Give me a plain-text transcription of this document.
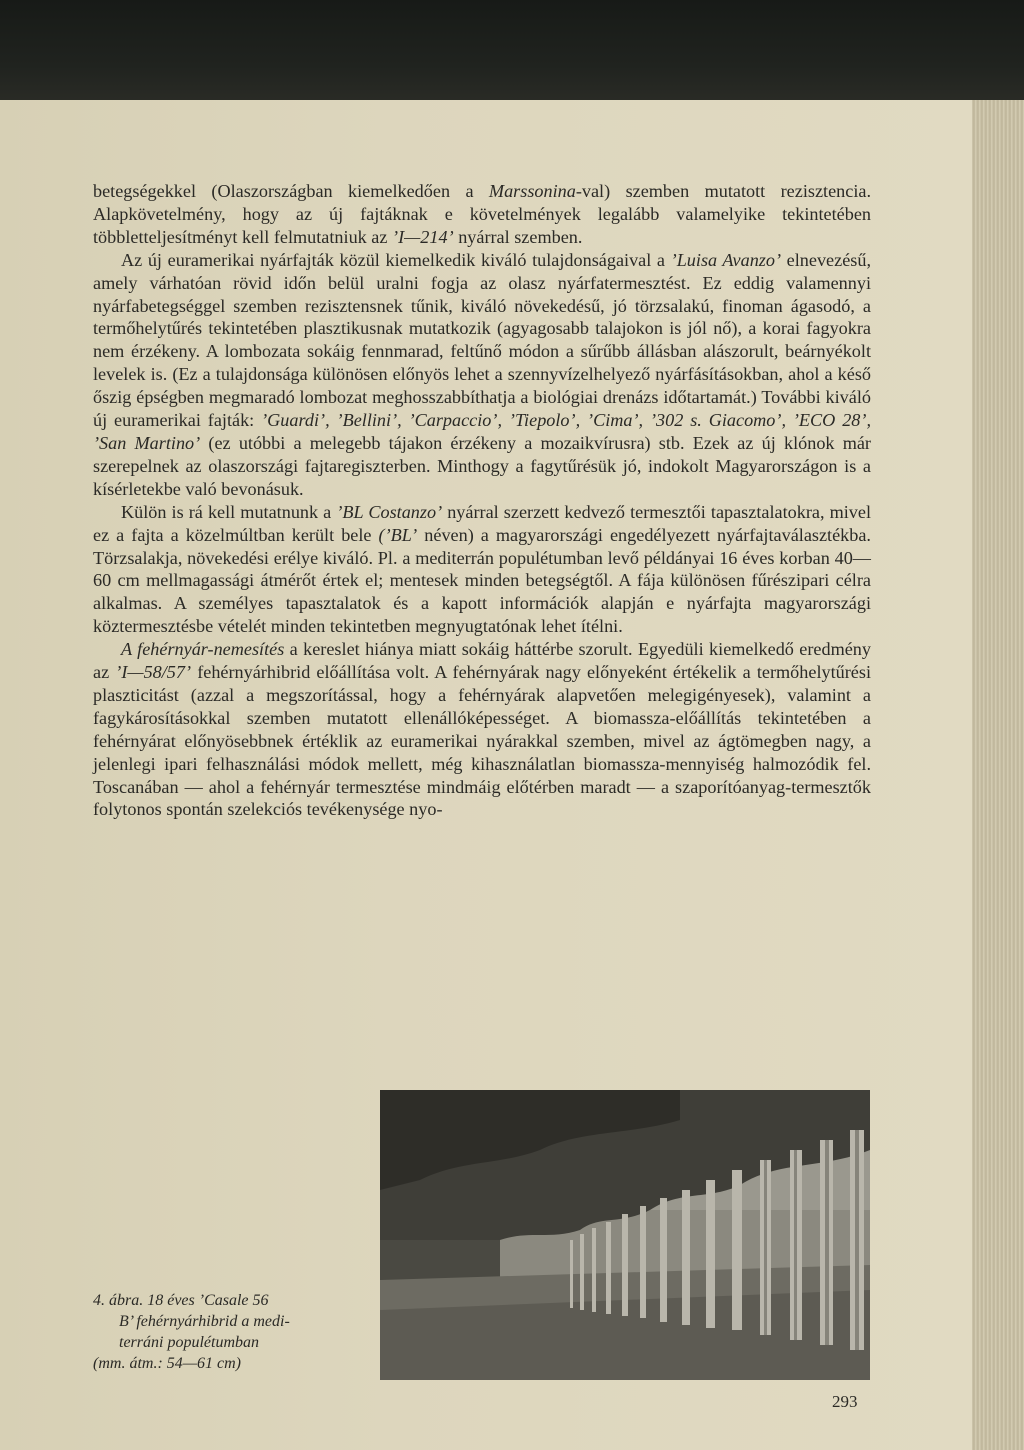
betegségekkel (Olaszországban kiemelkedően a Marssonina-val) szemben mutatott rezisztencia. Alapkövetelmény, hogy az új fajtáknak e követelmények legalább valamelyike tekintetében többletteljesítményt kell felmutatniuk az ’I—214’ nyárral szemben.

Az új euramerikai nyárfajták közül kiemelkedik kiváló tulajdonságaival a ’Luisa Avanzo’ elnevezésű, amely várhatóan rövid időn belül uralni fogja az olasz nyárfatermesztést. Ez eddig valamennyi nyárfabetegséggel szemben rezisztensnek tűnik, kiváló növekedésű, jó törzsalakú, finoman ágasodó, a termőhelytűrés tekintetében plasztikusnak mutatkozik (agyagosabb talajokon is jól nő), a korai fagyokra nem érzékeny. A lombozata sokáig fennmarad, feltűnő módon a sűrűbb állásban alászorult, beárnyékolt levelek is. (Ez a tulajdonsága különösen előnyös lehet a szennyvízelhelyező nyárfásításokban, ahol a késő őszig épségben megmaradó lombozat meghosszabbíthatja a biológiai drenázs időtartamát.) További kiváló új euramerikai fajták: ’Guardi’, ’Bellini’, ’Carpaccio’, ’Tiepolo’, ’Cima’, ’302 s. Giacomo’, ’ECO 28’, ’San Martino’ (ez utóbbi a melegebb tájakon érzékeny a mozaikvírusra) stb. Ezek az új klónok már szerepelnek az olaszországi fajtaregiszterben. Minthogy a fagytűrésük jó, indokolt Magyarországon is a kísérletekbe való bevonásuk.

Külön is rá kell mutatnunk a ’BL Costanzo’ nyárral szerzett kedvező termesztői tapasztalatokra, mivel ez a fajta a közelmúltban került bele (’BL’ néven) a magyarországi engedélyezett nyárfajtaválasztékba. Törzsalakja, növekedési erélye kiváló. Pl. a mediterrán populétumban levő példányai 16 éves korban 40—60 cm mellmagassági átmérőt értek el; mentesek minden betegségtől. A fája különösen fűrészipari célra alkalmas. A személyes tapasztalatok és a kapott információk alapján e nyárfajta magyarországi köztermesztésbe vételét minden tekintetben megnyugtatónak lehet ítélni.

A fehérnyár-nemesítés a kereslet hiánya miatt sokáig háttérbe szorult. Egyedüli kiemelkedő eredmény az ’I—58/57’ fehérnyárhibrid előállítása volt. A fehérnyárak nagy előnyeként értékelik a termőhelytűrési plaszticitást (azzal a megszorítással, hogy a fehérnyárak alapvetően melegigényesek), valamint a fagykárosításokkal szemben mutatott ellenállóképességet. A biomassza-előállítás tekintetében a fehérnyárat előnyösebbnek értéklik az euramerikai nyárakkal szemben, mivel az ágtömegben nagy, a jelenlegi ipari felhasználási módok mellett, még kihasználatlan biomassza-mennyiség halmozódik fel. Toscanában — ahol a fehérnyár termesztése mindmáig előtérben maradt — a szaporítóanyag-termesztők folytonos spontán szelekciós tevékenysége nyo-

4. ábra. 18 éves ’Casale 56
B’ fehérnyárhibrid a medi-
terráni populétumban
(mm. átm.: 54—61 cm)
293
